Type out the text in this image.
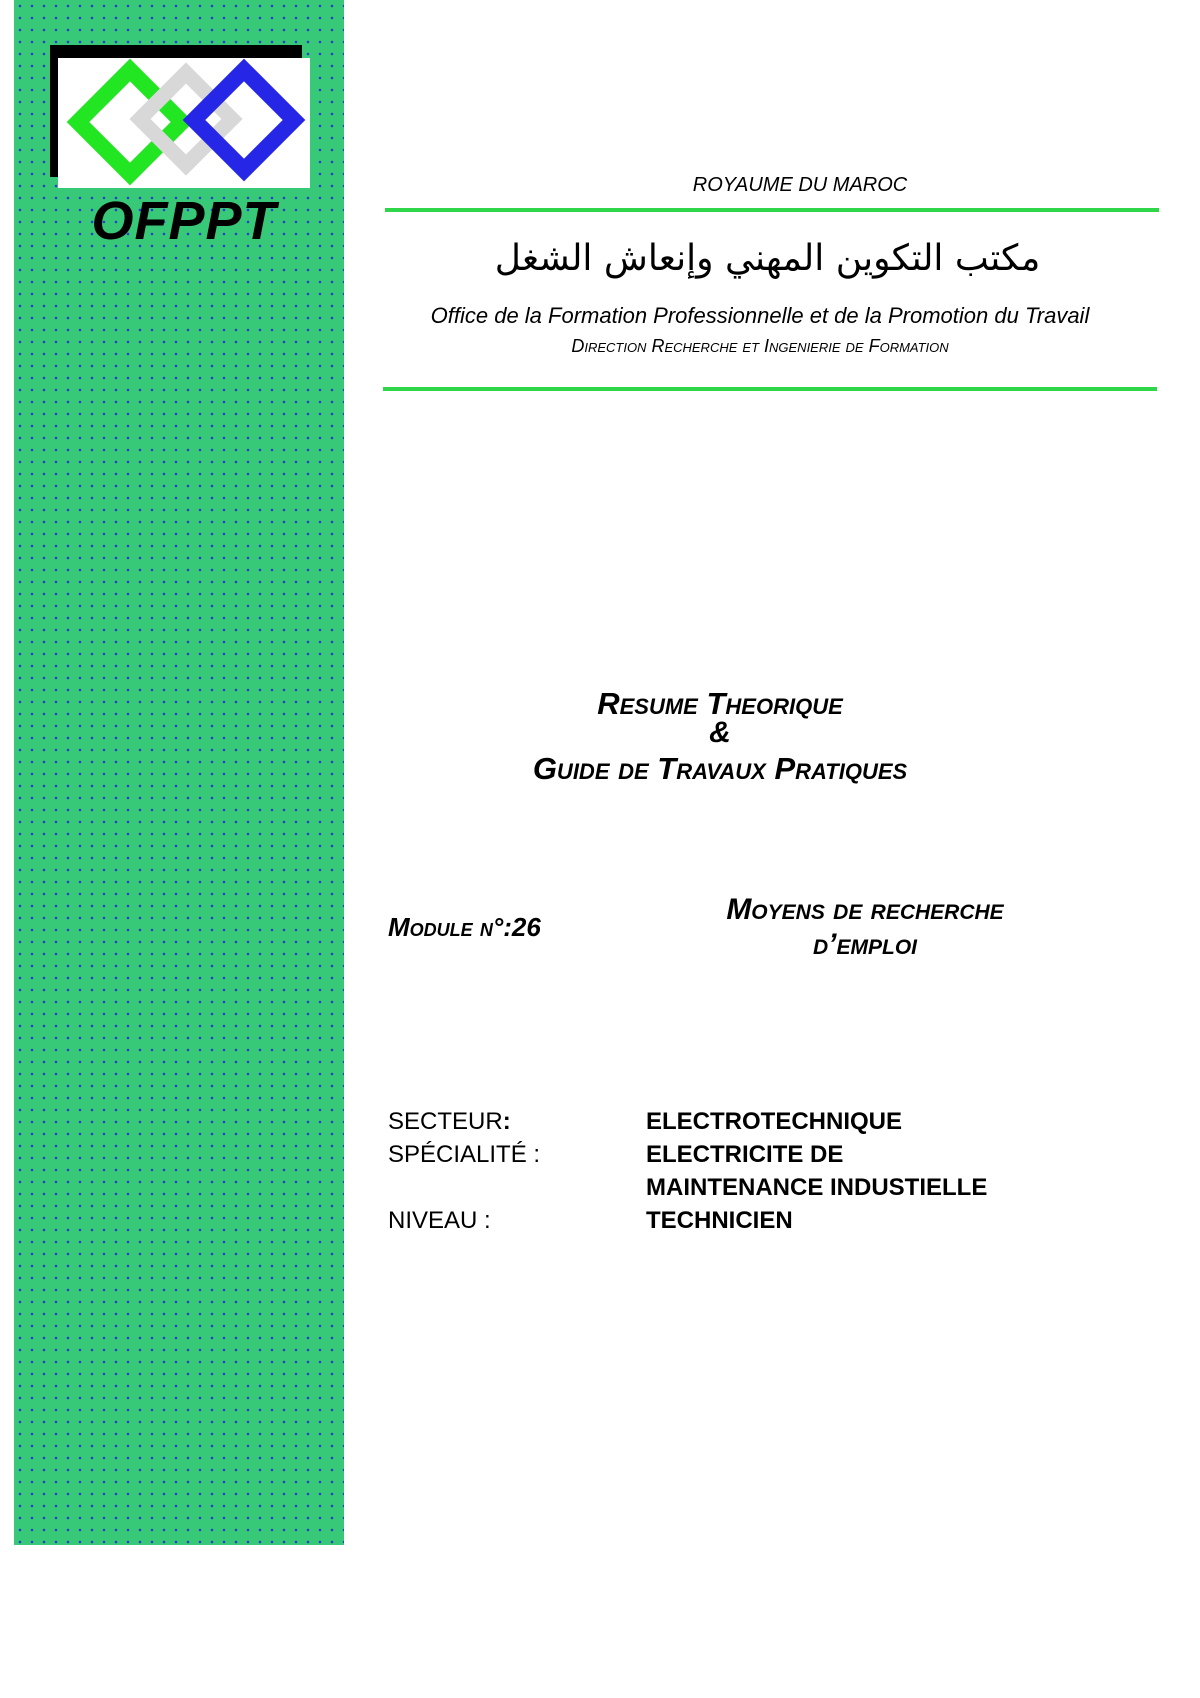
OFPPT
ROYAUME DU MAROC
مكتب التكوين المهني وإنعاش الشغل
Office de la Formation Professionnelle et de la Promotion du Travail
Direction Recherche et Ingenierie de Formation
Resume Theorique
&
Guide de Travaux Pratiques
Module n°:26
Moyens de recherche
d’emploi
SECTEUR:	ELECTROTECHNIQUE
SPÉCIALITÉ :	ELECTRICITE DE
MAINTENANCE INDUSTIELLE
NIVEAU :	TECHNICIEN
